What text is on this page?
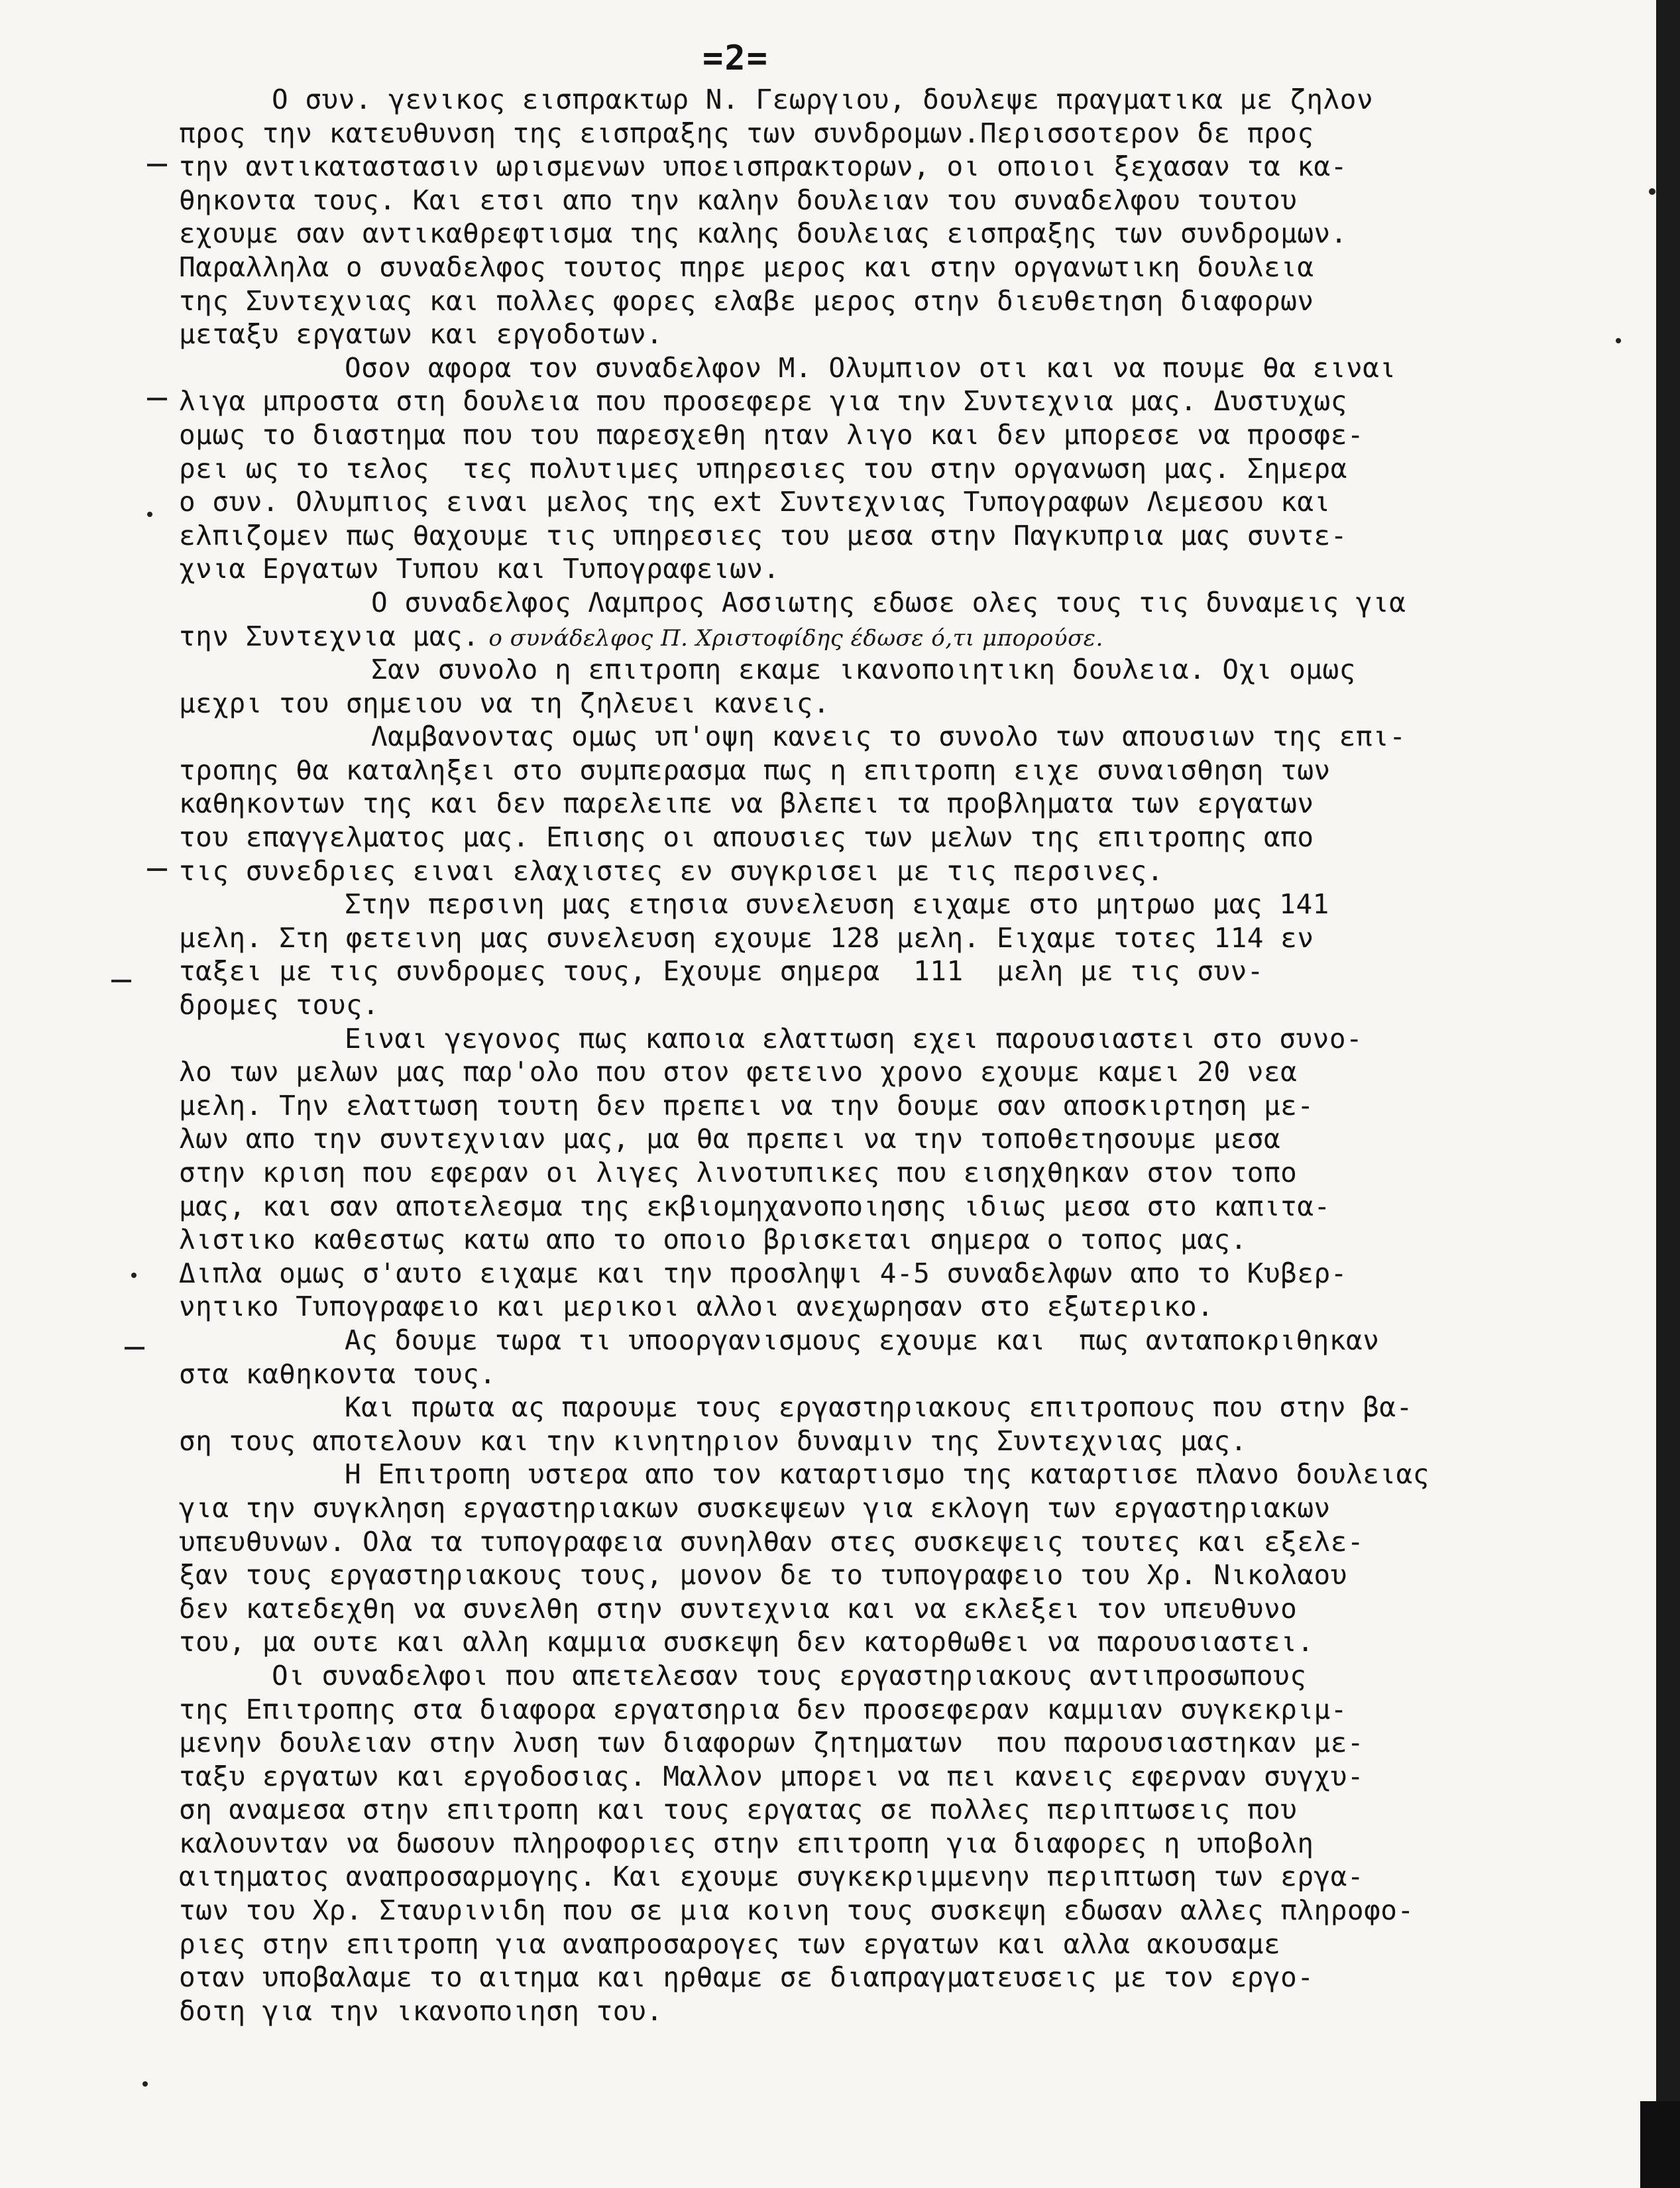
=2=
Ο συν. γενικος εισπρακτωρ Ν. Γεωργιου, δουλεψε πραγματικα με ζηλον
προς την κατευθυνση της εισπραξης των συνδρομων.Περισσοτερον δε προς
την αντικαταστασιν ωρισμενων υποεισπρακτορων, οι οποιοι ξεχασαν τα κα-
θηκοντα τους. Και ετσι απο την καλην δουλειαν του συναδελφου τουτου
εχουμε σαν αντικαθρεφτισμα της καλης δουλειας εισπραξης των συνδρομων.
Παραλληλα ο συναδελφος τουτος πηρε μερος και στην οργανωτικη δουλεια
της Συντεχνιας και πολλες φορες ελαβε μερος στην διευθετηση διαφορων
μεταξυ εργατων και εργοδοτων.
Οσον αφορα τον συναδελφον Μ. Ολυμπιον οτι και να πουμε θα ειναι
λιγα μπροστα στη δουλεια που προσεφερε για την Συντεχνια μας. Δυστυχως
ομως το διαστημα που του παρεσχεθη ηταν λιγο και δεν μπορεσε να προσφε-
ρει ως το τελος  τες πολυτιμες υπηρεσιες του στην οργανωση μας. Σημερα
ο συν. Ολυμπιος ειναι μελος της ext Συντεχνιας Τυπογραφων Λεμεσου και
ελπιζομεν πως θαχουμε τις υπηρεσιες του μεσα στην Παγκυπρια μας συντε-
χνια Εργατων Τυπου και Τυπογραφειων.
Ο συναδελφος Λαμπρος Ασσιωτης εδωσε ολες τους τις δυναμεις για
την Συντεχνια μας. ο συνάδελφος Π. Χριστοφίδης έδωσε ό,τι μπορούσε.
Σαν συνολο η επιτροπη εκαμε ικανοποιητικη δουλεια. Οχι ομως
μεχρι του σημειου να τη ζηλευει κανεις.
Λαμβανοντας ομως υπ'οψη κανεις το συνολο των απουσιων της επι-
τροπης θα καταληξει στο συμπερασμα πως η επιτροπη ειχε συναισθηση των
καθηκοντων της και δεν παρελειπε να βλεπει τα προβληματα των εργατων
του επαγγελματος μας. Επισης οι απουσιες των μελων της επιτροπης απο
τις συνεδριες ειναι ελαχιστες εν συγκρισει με τις περσινες.
Στην περσινη μας ετησια συνελευση ειχαμε στο μητρωο μας 141
μελη. Στη φετεινη μας συνελευση εχουμε 128 μελη. Ειχαμε τοτες 114 εν
ταξει με τις συνδρομες τους, Εχουμε σημερα  111  μελη με τις συν-
δρομες τους.
Ειναι γεγονος πως καποια ελαττωση εχει παρουσιαστει στο συνο-
λο των μελων μας παρ'ολο που στον φετεινο χρονο εχουμε καμει 20 νεα
μελη. Την ελαττωση τουτη δεν πρεπει να την δουμε σαν αποσκιρτηση με-
λων απο την συντεχνιαν μας, μα θα πρεπει να την τοποθετησουμε μεσα
στην κριση που εφεραν οι λιγες λινοτυπικες που εισηχθηκαν στον τοπο
μας, και σαν αποτελεσμα της εκβιομηχανοποιησης ιδιως μεσα στο καπιτα-
λιστικο καθεστως κατω απο το οποιο βρισκεται σημερα ο τοπος μας.
Διπλα ομως σ'αυτο ειχαμε και την προσληψι 4-5 συναδελφων απο το Κυβερ-
νητικο Τυπογραφειο και μερικοι αλλοι ανεχωρησαν στο εξωτερικο.
Ας δουμε τωρα τι υποοργανισμους εχουμε και  πως ανταποκριθηκαν
στα καθηκοντα τους.
Και πρωτα ας παρουμε τους εργαστηριακους επιτροπους που στην βα-
ση τους αποτελουν και την κινητηριον δυναμιν της Συντεχνιας μας.
Η Επιτροπη υστερα απο τον καταρτισμο της καταρτισε πλανο δουλειας
για την συγκληση εργαστηριακων συσκεψεων για εκλογη των εργαστηριακων
υπευθυνων. Ολα τα τυπογραφεια συνηλθαν στες συσκεψεις τουτες και εξελε-
ξαν τους εργαστηριακους τους, μονον δε το τυπογραφειο του Χρ. Νικολαου
δεν κατεδεχθη να συνελθη στην συντεχνια και να εκλεξει τον υπευθυνο
του, μα ουτε και αλλη καμμια συσκεψη δεν κατορθωθει να παρουσιαστει.
Οι συναδελφοι που απετελεσαν τους εργαστηριακους αντιπροσωπους
της Επιτροπης στα διαφορα εργατσηρια δεν προσεφεραν καμμιαν συγκεκριμ-
μενην δουλειαν στην λυση των διαφορων ζητηματων  που παρουσιαστηκαν με-
ταξυ εργατων και εργοδοσιας. Μαλλον μπορει να πει κανεις εφερναν συγχυ-
ση αναμεσα στην επιτροπη και τους εργατας σε πολλες περιπτωσεις που
καλουνταν να δωσουν πληροφοριες στην επιτροπη για διαφορες η υποβολη
αιτηματος αναπροσαρμογης. Και εχουμε συγκεκριμμενην περιπτωση των εργα-
των του Χρ. Σταυρινιδη που σε μια κοινη τους συσκεψη εδωσαν αλλες πληροφο-
ριες στην επιτροπη για αναπροσαρογες των εργατων και αλλα ακουσαμε
οταν υποβαλαμε το αιτημα και ηρθαμε σε διαπραγματευσεις με τον εργο-
δοτη για την ικανοποιηση του.
